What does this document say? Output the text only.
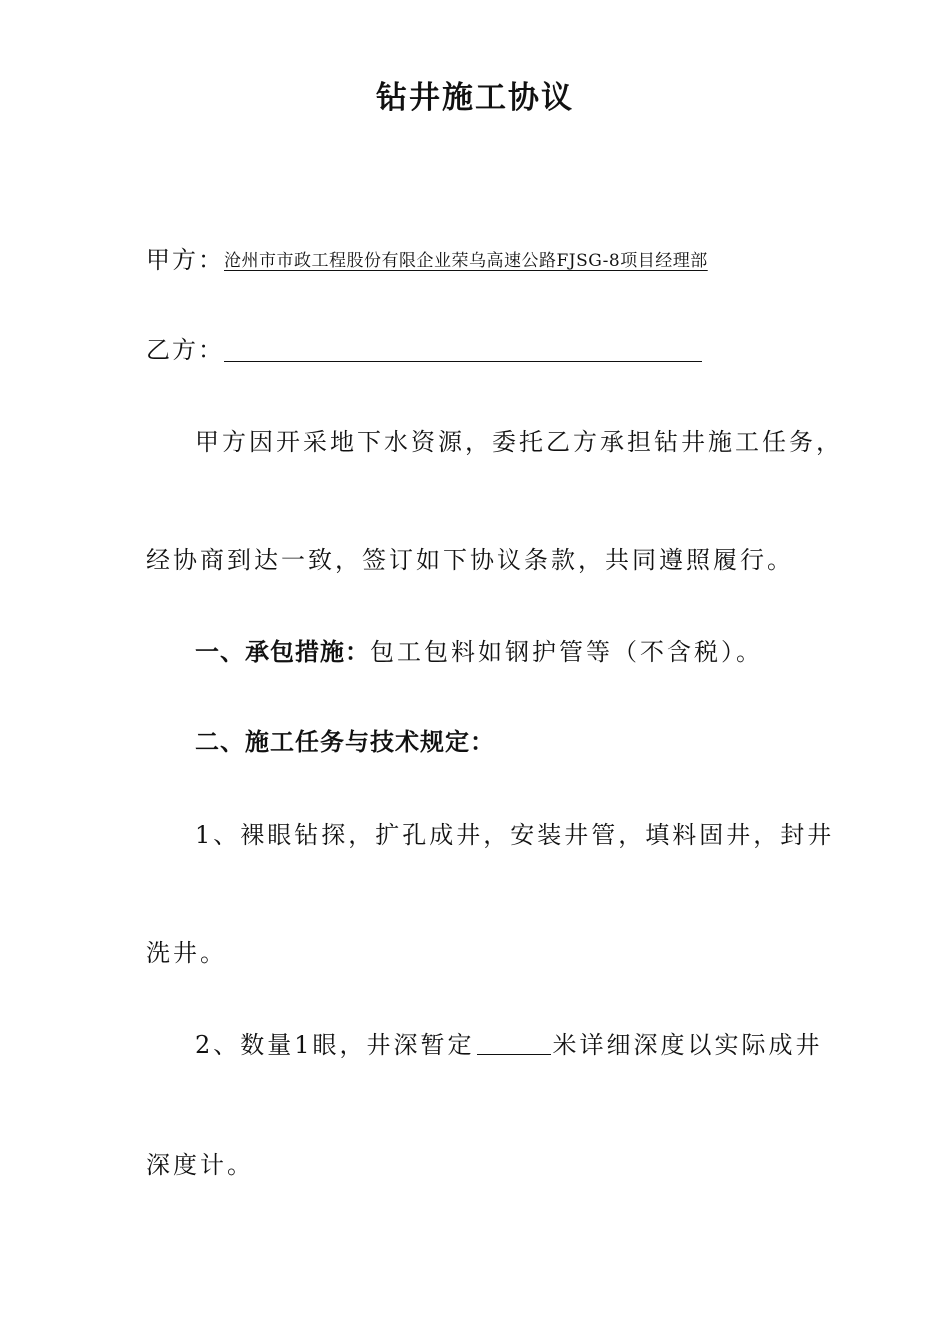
钻井施工协议
甲方：沧州市市政工程股份有限企业荣乌高速公路FJSG-8项目经理部
乙方：
甲方因开采地下水资源，委托乙方承担钻井施工任务，
经协商到达一致，签订如下协议条款，共同遵照履行。
一、承包措施：包工包料如钢护管等（不含税）。
二、施工任务与技术规定：
1、裸眼钻探，扩孔成井，安装井管，填料固井，封井
洗井。
2、数量1眼，井深暂定	米详细深度以实际成井
深度计。
